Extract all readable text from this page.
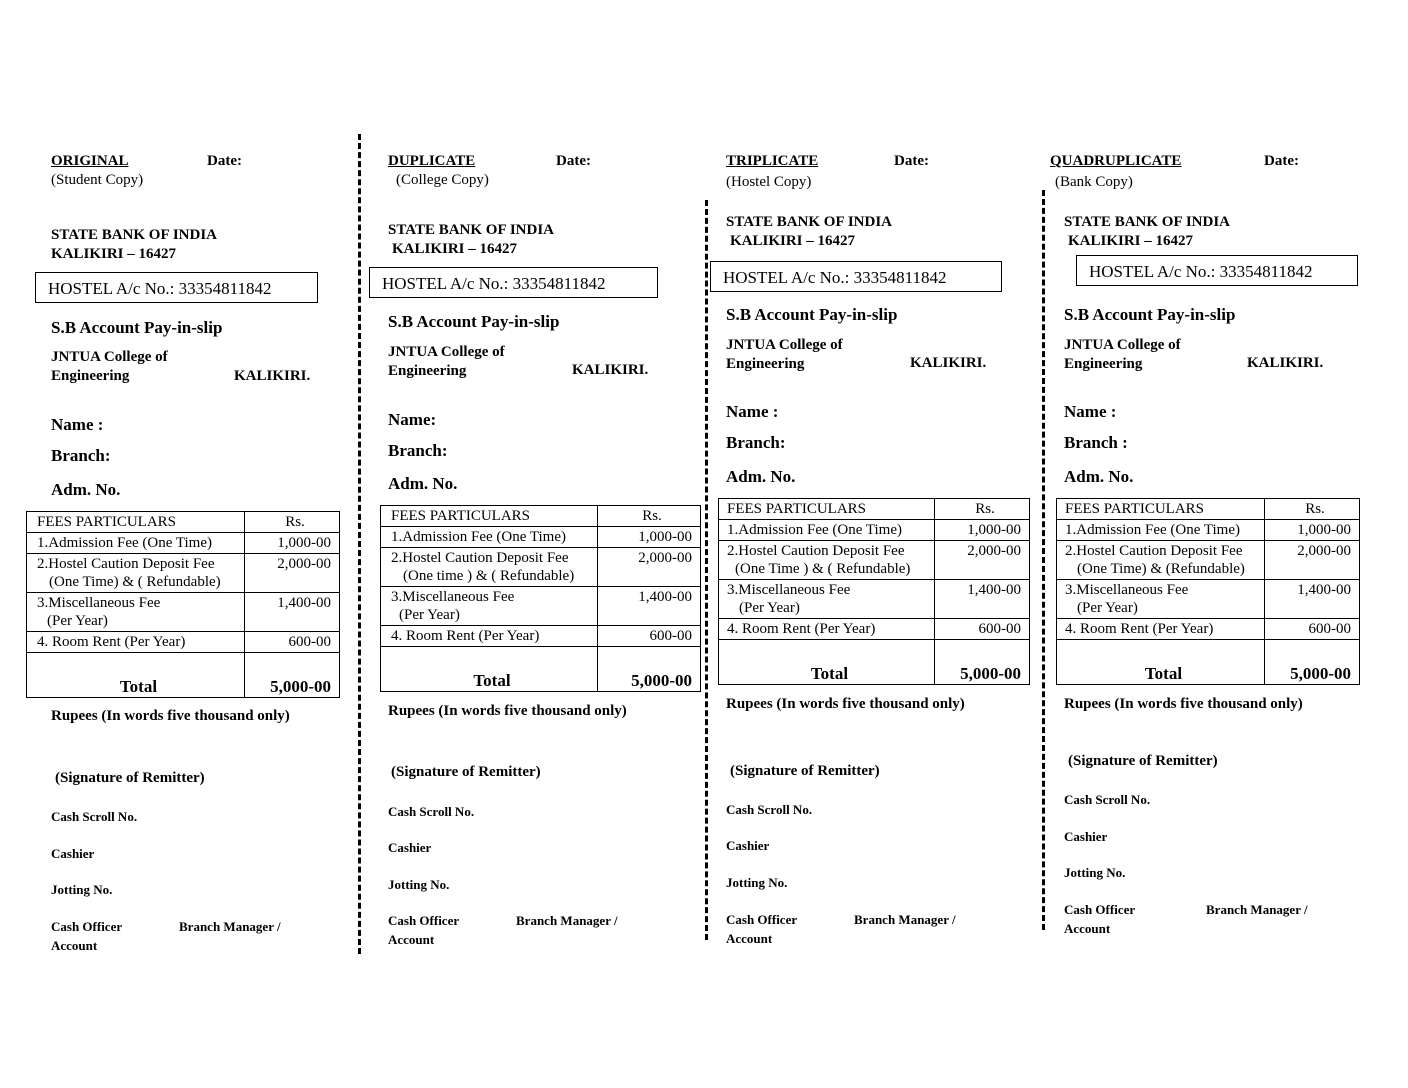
ORIGINAL	Date:
(Student Copy)
STATE BANK OF INDIA
KALIKIRI – 16427
HOSTEL A/c No.: 33354811842
S.B Account Pay-in-slip
JNTUA College of
Engineering	KALIKIRI.
Name :
Branch:
Adm. No.
FEES PARTICULARS	Rs.
1.Admission Fee (One Time)	1,000-00

2.Hostel Caution Deposit Fee
(One Time) & ( Refundable)	2,000-00

3.Miscellaneous Fee
(Per Year)	1,400-00
4. Room Rent (Per Year)	600-00
Total	5,000-00
Rupees (In words five thousand only)
(Signature of Remitter)
Cash Scroll No.
Cashier
Jotting No.
Cash Officer
Account
Branch Manager /
DUPLICATE	Date:
(College Copy)
STATE BANK OF INDIA
KALIKIRI – 16427
HOSTEL A/c No.: 33354811842
S.B Account Pay-in-slip
JNTUA College of
Engineering	KALIKIRI.
Name:
Branch:
Adm. No.
FEES PARTICULARS	Rs.
1.Admission Fee (One Time)	1,000-00

2.Hostel Caution Deposit Fee
(One time ) & ( Refundable)	2,000-00

3.Miscellaneous Fee
(Per Year)	1,400-00
4. Room Rent (Per Year)	600-00
Total	5,000-00
Rupees (In words five thousand only)
(Signature of Remitter)
Cash Scroll No.
Cashier
Jotting No.
Cash Officer
Account
Branch Manager /
TRIPLICATE	Date:
(Hostel Copy)
STATE BANK OF INDIA
KALIKIRI – 16427
HOSTEL A/c No.: 33354811842
S.B Account Pay-in-slip
JNTUA College of
Engineering	KALIKIRI.
Name :
Branch:
Adm. No.
FEES PARTICULARS	Rs.
1.Admission Fee (One Time)	1,000-00

2.Hostel Caution Deposit Fee
(One Time ) & ( Refundable)	2,000-00

3.Miscellaneous Fee
(Per Year)	1,400-00
4. Room Rent (Per Year)	600-00
Total	5,000-00
Rupees (In words five thousand only)
(Signature of Remitter)
Cash Scroll No.
Cashier
Jotting No.
Cash Officer
Account
Branch Manager /
QUADRUPLICATE	Date:
(Bank Copy)
STATE BANK OF INDIA
KALIKIRI – 16427
HOSTEL A/c No.: 33354811842
S.B Account Pay-in-slip
JNTUA College of
Engineering	KALIKIRI.
Name :
Branch :
Adm. No.
FEES PARTICULARS	Rs.
1.Admission Fee (One Time)	1,000-00

2.Hostel Caution Deposit Fee
(One Time) & (Refundable)	2,000-00

3.Miscellaneous Fee
(Per Year)	1,400-00
4. Room Rent (Per Year)	600-00
Total	5,000-00
Rupees (In words five thousand only)
(Signature of Remitter)
Cash Scroll No.
Cashier
Jotting No.
Cash Officer
Account
Branch Manager /
